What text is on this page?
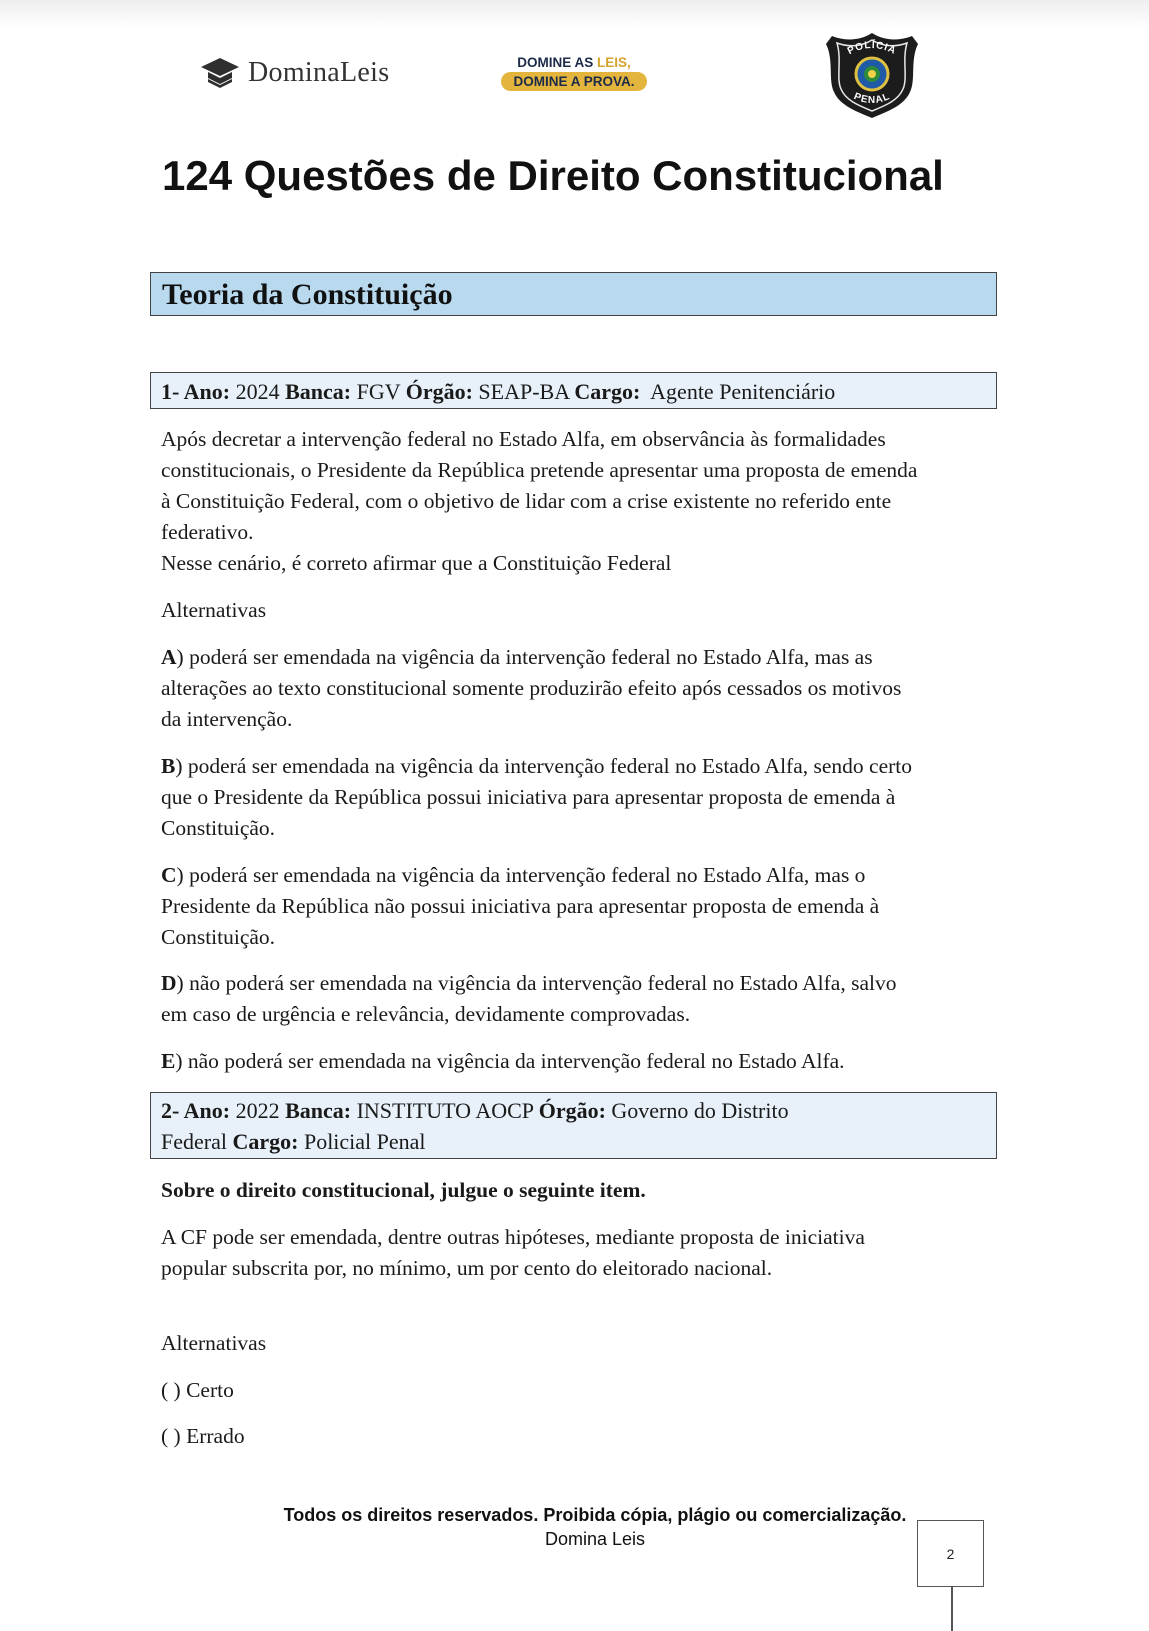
DominaLeis	DOMINE AS LEIS,
DOMINE A PROVA.
POLÍCIA
PENAL
124 Questões de Direito Constitucional
Teoria da Constituição
1- Ano: 2024 Banca: FGV Órgão: SEAP-BA Cargo: Agente Penitenciário

Após decretar a intervenção federal no Estado Alfa, em observância às formalidades
constitucionais, o Presidente da República pretende apresentar uma proposta de emenda
à Constituição Federal, com o objetivo de lidar com a crise existente no referido ente
federativo.
Nesse cenário, é correto afirmar que a Constituição Federal

Alternativas

A) poderá ser emendada na vigência da intervenção federal no Estado Alfa, mas as
alterações ao texto constitucional somente produzirão efeito após cessados os motivos
da intervenção.

B) poderá ser emendada na vigência da intervenção federal no Estado Alfa, sendo certo
que o Presidente da República possui iniciativa para apresentar proposta de emenda à
Constituição.

C) poderá ser emendada na vigência da intervenção federal no Estado Alfa, mas o
Presidente da República não possui iniciativa para apresentar proposta de emenda à
Constituição.

D) não poderá ser emendada na vigência da intervenção federal no Estado Alfa, salvo
em caso de urgência e relevância, devidamente comprovadas.

E) não poderá ser emendada na vigência da intervenção federal no Estado Alfa.

2- Ano: 2022 Banca: INSTITUTO AOCP Órgão: Governo do Distrito
Federal Cargo: Policial Penal

Sobre o direito constitucional, julgue o seguinte item.

A CF pode ser emendada, dentre outras hipóteses, mediante proposta de iniciativa
popular subscrita por, no mínimo, um por cento do eleitorado nacional.

Alternativas

( ) Certo

( ) Errado

Todos os direitos reservados. Proibida cópia, plágio ou comercialização.
Domina Leis
2
